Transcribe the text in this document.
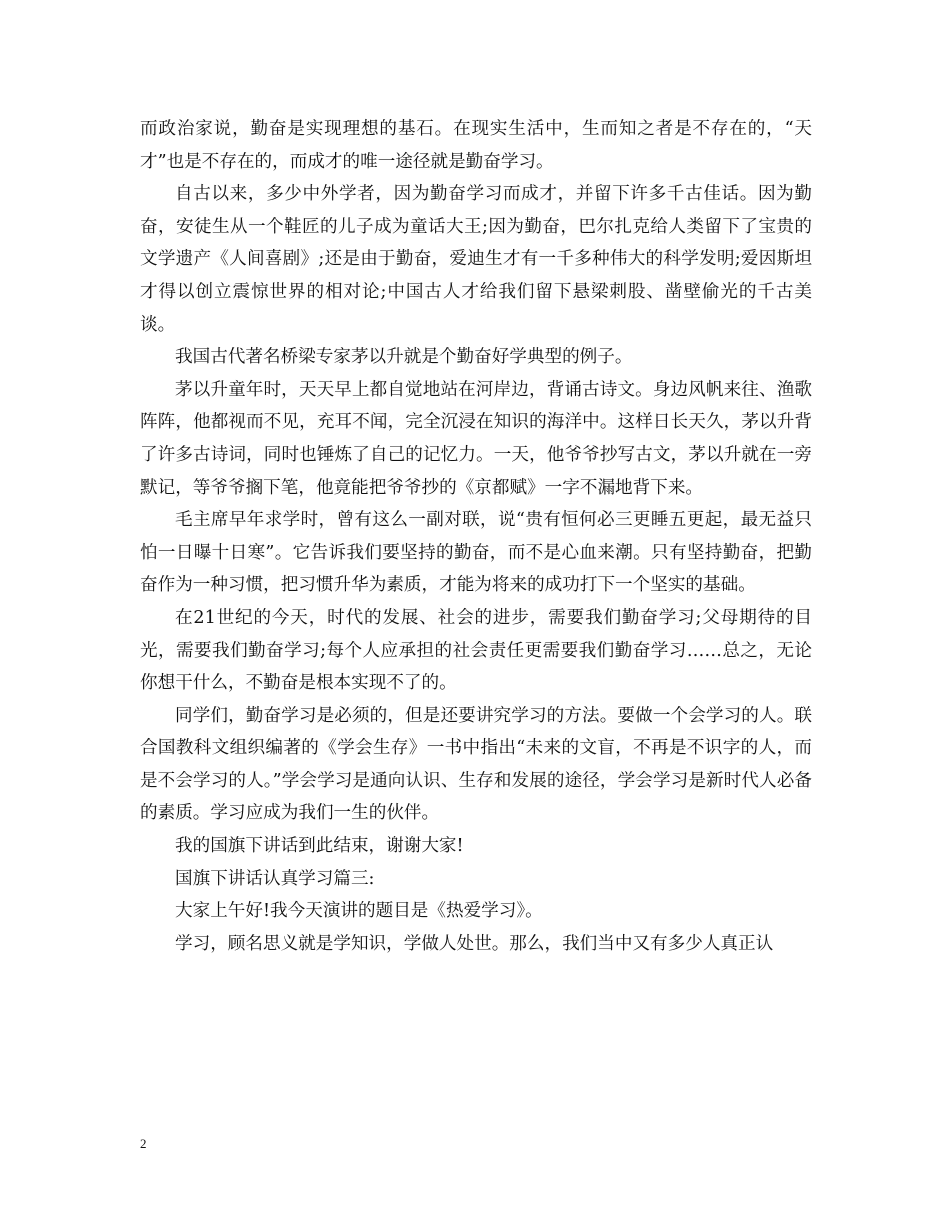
而政治家说，勤奋是实现理想的基石。在现实生活中，生而知之者是不存在的，“天才”也是不存在的，而成才的唯一途径就是勤奋学习。

自古以来，多少中外学者，因为勤奋学习而成才，并留下许多千古佳话。因为勤奋，安徒生从一个鞋匠的儿子成为童话大王;因为勤奋，巴尔扎克给人类留下了宝贵的文学遗产《人间喜剧》;还是由于勤奋，爱迪生才有一千多种伟大的科学发明;爱因斯坦才得以创立震惊世界的相对论;中国古人才给我们留下悬梁刺股、凿壁偷光的千古美谈。

我国古代著名桥梁专家茅以升就是个勤奋好学典型的例子。

茅以升童年时，天天早上都自觉地站在河岸边，背诵古诗文。身边风帆来往、渔歌阵阵，他都视而不见，充耳不闻，完全沉浸在知识的海洋中。这样日长天久，茅以升背了许多古诗词，同时也锤炼了自己的记忆力。一天，他爷爷抄写古文，茅以升就在一旁默记，等爷爷搁下笔，他竟能把爷爷抄的《京都赋》一字不漏地背下来。

毛主席早年求学时，曾有这么一副对联，说“贵有恒何必三更睡五更起，最无益只怕一日曝十日寒”。它告诉我们要坚持的勤奋，而不是心血来潮。只有坚持勤奋，把勤奋作为一种习惯，把习惯升华为素质，才能为将来的成功打下一个坚实的基础。

在21世纪的今天，时代的发展、社会的进步，需要我们勤奋学习;父母期待的目光，需要我们勤奋学习;每个人应承担的社会责任更需要我们勤奋学习……总之，无论你想干什么，不勤奋是根本实现不了的。

同学们，勤奋学习是必须的，但是还要讲究学习的方法。要做一个会学习的人。联合国教科文组织编著的《学会生存》一书中指出“未来的文盲，不再是不识字的人，而是不会学习的人。”学会学习是通向认识、生存和发展的途径，学会学习是新时代人必备的素质。学习应成为我们一生的伙伴。

我的国旗下讲话到此结束，谢谢大家!

国旗下讲话认真学习篇三:

大家上午好!我今天演讲的题目是《热爱学习》。

学习，顾名思义就是学知识，学做人处世。那么，我们当中又有多少人真正认

2
